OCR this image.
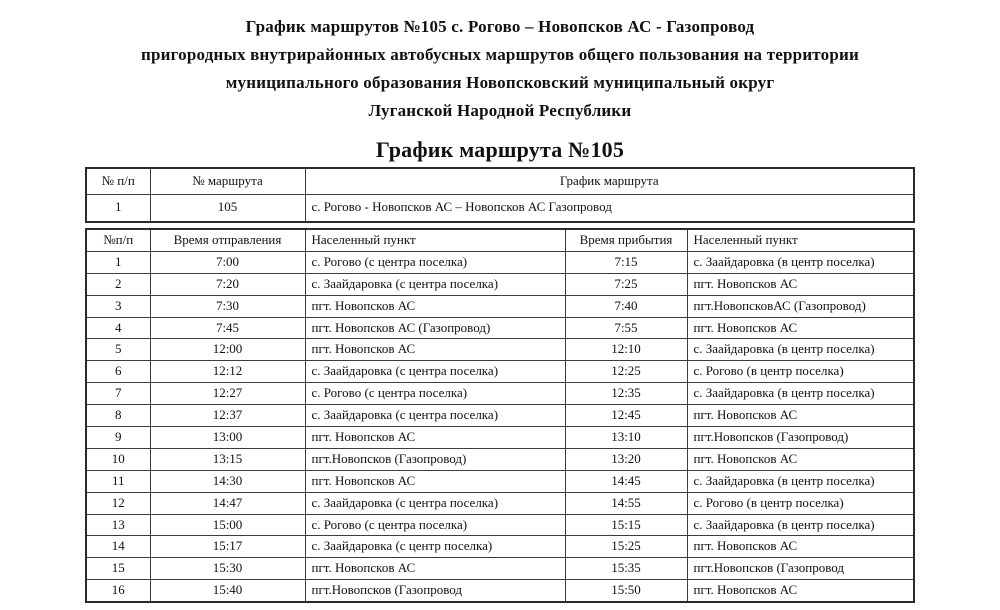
График маршрутов №105 с. Рогово – Новопсков АС - Газопровод
пригородных внутрирайонных автобусных маршрутов общего пользования на территории
муниципального образования Новопсковский муниципальный округ
Луганской Народной Республики
График маршрута №105
№ п/п	№ маршрута	График маршрута
1	105	с. Рогово - Новопсков АС – Новопсков АС Газопровод
№п/п	Время отправления	Населенный пункт	Время прибытия	Населенный пункт
1	7:00	с. Рогово (с центра поселка)	7:15	с. Заайдаровка (в центр поселка)
2	7:20	с. Заайдаровка (с центра поселка)	7:25	пгт. Новопсков АС
3	7:30	пгт. Новопсков АС	7:40	пгт.НовопсковАС (Газопровод)
4	7:45	пгт. Новопсков АС (Газопровод)	7:55	пгт. Новопсков АС
5	12:00	пгт. Новопсков АС	12:10	с. Заайдаровка (в центр поселка)
6	12:12	с. Заайдаровка (с центра поселка)	12:25	с. Рогово (в центр поселка)
7	12:27	с. Рогово (с центра поселка)	12:35	с. Заайдаровка (в центр поселка)
8	12:37	с. Заайдаровка (с центра поселка)	12:45	пгт. Новопсков АС
9	13:00	пгт. Новопсков АС	13:10	пгт.Новопсков (Газопровод)
10	13:15	пгт.Новопсков (Газопровод)	13:20	пгт. Новопсков АС
11	14:30	пгт. Новопсков АС	14:45	с. Заайдаровка (в центр поселка)
12	14:47	с. Заайдаровка (с центра поселка)	14:55	с. Рогово (в центр поселка)
13	15:00	с. Рогово (с центра поселка)	15:15	с. Заайдаровка (в центр поселка)
14	15:17	с. Заайдаровка (с центр поселка)	15:25	пгт. Новопсков АС
15	15:30	пгт. Новопсков АС	15:35	пгт.Новопсков (Газопровод
16	15:40	пгт.Новопсков (Газопровод	15:50	пгт. Новопсков АС
